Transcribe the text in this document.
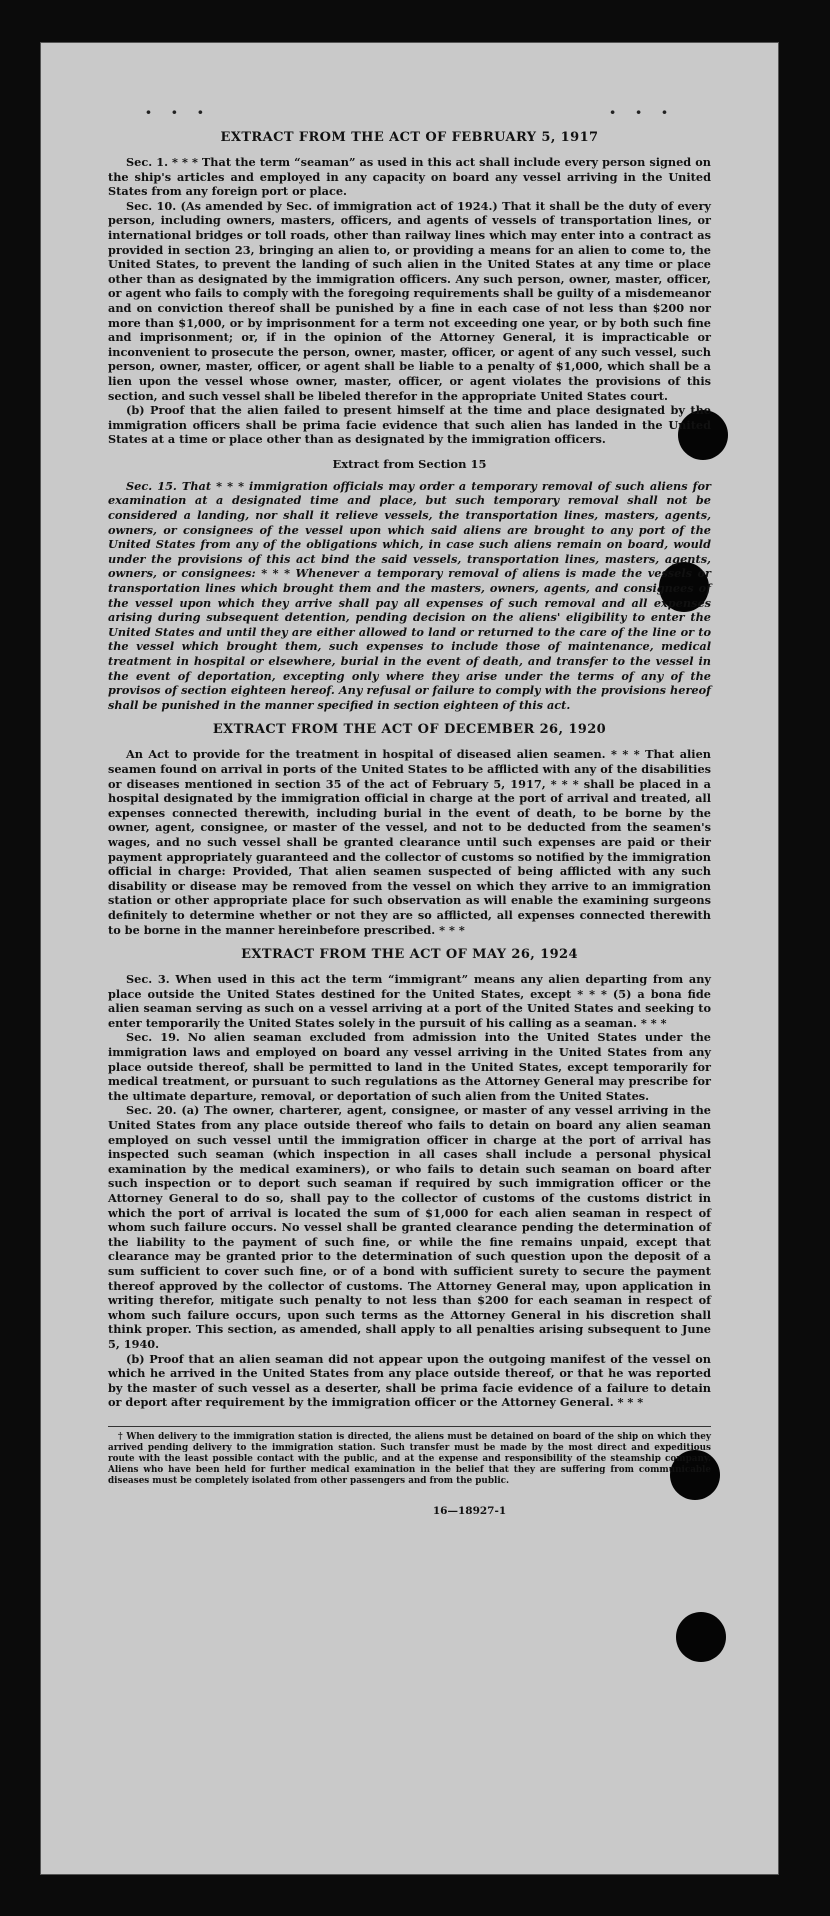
· · ·	· · ·
EXTRACT FROM THE ACT OF FEBRUARY 5, 1917

Sec. 1. * * * That the term “seaman” as used in this act shall include every person signed on the ship's articles and employed in any capacity on board any vessel arriving in the United States from any foreign port or place.

Sec. 10. (As amended by Sec. of immigration act of 1924.) That it shall be the duty of every person, including owners, masters, officers, and agents of vessels of transportation lines, or international bridges or toll roads, other than railway lines which may enter into a contract as provided in section 23, bringing an alien to, or providing a means for an alien to come to, the United States, to prevent the landing of such alien in the United States at any time or place other than as designated by the immigration officers. Any such person, owner, master, officer, or agent who fails to comply with the foregoing requirements shall be guilty of a misdemeanor and on conviction thereof shall be punished by a fine in each case of not less than $200 nor more than $1,000, or by imprisonment for a term not exceeding one year, or by both such fine and imprisonment; or, if in the opinion of the Attorney General, it is impracticable or inconvenient to prosecute the person, owner, master, officer, or agent of any such vessel, such person, owner, master, officer, or agent shall be liable to a penalty of $1,000, which shall be a lien upon the vessel whose owner, master, officer, or agent violates the provisions of this section, and such vessel shall be libeled therefor in the appropriate United States court.

(b) Proof that the alien failed to present himself at the time and place designated by the immigration officers shall be prima facie evidence that such alien has landed in the United States at a time or place other than as designated by the immigration officers.

Extract from Section 15

Sec. 15. That * * * immigration officials may order a temporary removal of such aliens for examination at a designated time and place, but such temporary removal shall not be considered a landing, nor shall it relieve vessels, the transportation lines, masters, agents, owners, or consignees of the vessel upon which said aliens are brought to any port of the United States from any of the obligations which, in case such aliens remain on board, would under the provisions of this act bind the said vessels, transportation lines, masters, agents, owners, or consignees: * * * Whenever a temporary removal of aliens is made the vessels or transportation lines which brought them and the masters, owners, agents, and consignees of the vessel upon which they arrive shall pay all expenses of such removal and all expenses arising during subsequent detention, pending decision on the aliens' eligibility to enter the United States and until they are either allowed to land or returned to the care of the line or to the vessel which brought them, such expenses to include those of maintenance, medical treatment in hospital or elsewhere, burial in the event of death, and transfer to the vessel in the event of deportation, excepting only where they arise under the terms of any of the provisos of section eighteen hereof. Any refusal or failure to comply with the provisions hereof shall be punished in the manner specified in section eighteen of this act.

EXTRACT FROM THE ACT OF DECEMBER 26, 1920

An Act to provide for the treatment in hospital of diseased alien seamen. * * * That alien seamen found on arrival in ports of the United States to be afflicted with any of the disabilities or diseases mentioned in section 35 of the act of February 5, 1917, * * * shall be placed in a hospital designated by the immigration official in charge at the port of arrival and treated, all expenses connected therewith, including burial in the event of death, to be borne by the owner, agent, consignee, or master of the vessel, and not to be deducted from the seamen's wages, and no such vessel shall be granted clearance until such expenses are paid or their payment appropriately guaranteed and the collector of customs so notified by the immigration official in charge: Provided, That alien seamen suspected of being afflicted with any such disability or disease may be removed from the vessel on which they arrive to an immigration station or other appropriate place for such observation as will enable the examining surgeons definitely to determine whether or not they are so afflicted, all expenses connected therewith to be borne in the manner hereinbefore prescribed. * * *

EXTRACT FROM THE ACT OF MAY 26, 1924

Sec. 3. When used in this act the term “immigrant” means any alien departing from any place outside the United States destined for the United States, except * * * (5) a bona fide alien seaman serving as such on a vessel arriving at a port of the United States and seeking to enter temporarily the United States solely in the pursuit of his calling as a seaman. * * *

Sec. 19. No alien seaman excluded from admission into the United States under the immigration laws and employed on board any vessel arriving in the United States from any place outside thereof, shall be permitted to land in the United States, except temporarily for medical treatment, or pursuant to such regulations as the Attorney General may prescribe for the ultimate departure, removal, or deportation of such alien from the United States.

Sec. 20. (a) The owner, charterer, agent, consignee, or master of any vessel arriving in the United States from any place outside thereof who fails to detain on board any alien seaman employed on such vessel until the immigration officer in charge at the port of arrival has inspected such seaman (which inspection in all cases shall include a personal physical examination by the medical examiners), or who fails to detain such seaman on board after such inspection or to deport such seaman if required by such immigration officer or the Attorney General to do so, shall pay to the collector of customs of the customs district in which the port of arrival is located the sum of $1,000 for each alien seaman in respect of whom such failure occurs. No vessel shall be granted clearance pending the determination of the liability to the payment of such fine, or while the fine remains unpaid, except that clearance may be granted prior to the determination of such question upon the deposit of a sum sufficient to cover such fine, or of a bond with sufficient surety to secure the payment thereof approved by the collector of customs. The Attorney General may, upon application in writing therefor, mitigate such penalty to not less than $200 for each seaman in respect of whom such failure occurs, upon such terms as the Attorney General in his discretion shall think proper. This section, as amended, shall apply to all penalties arising subsequent to June 5, 1940.

(b) Proof that an alien seaman did not appear upon the outgoing manifest of the vessel on which he arrived in the United States from any place outside thereof, or that he was reported by the master of such vessel as a deserter, shall be prima facie evidence of a failure to detain or deport after requirement by the immigration officer or the Attorney General. * * *

† When delivery to the immigration station is directed, the aliens must be detained on board of the ship on which they arrived pending delivery to the immigration station. Such transfer must be made by the most direct and expeditious route with the least possible contact with the public, and at the expense and responsibility of the steamship company. Aliens who have been held for further medical examination in the belief that they are suffering from communicable diseases must be completely isolated from other passengers and from the public.

16—18927-1
